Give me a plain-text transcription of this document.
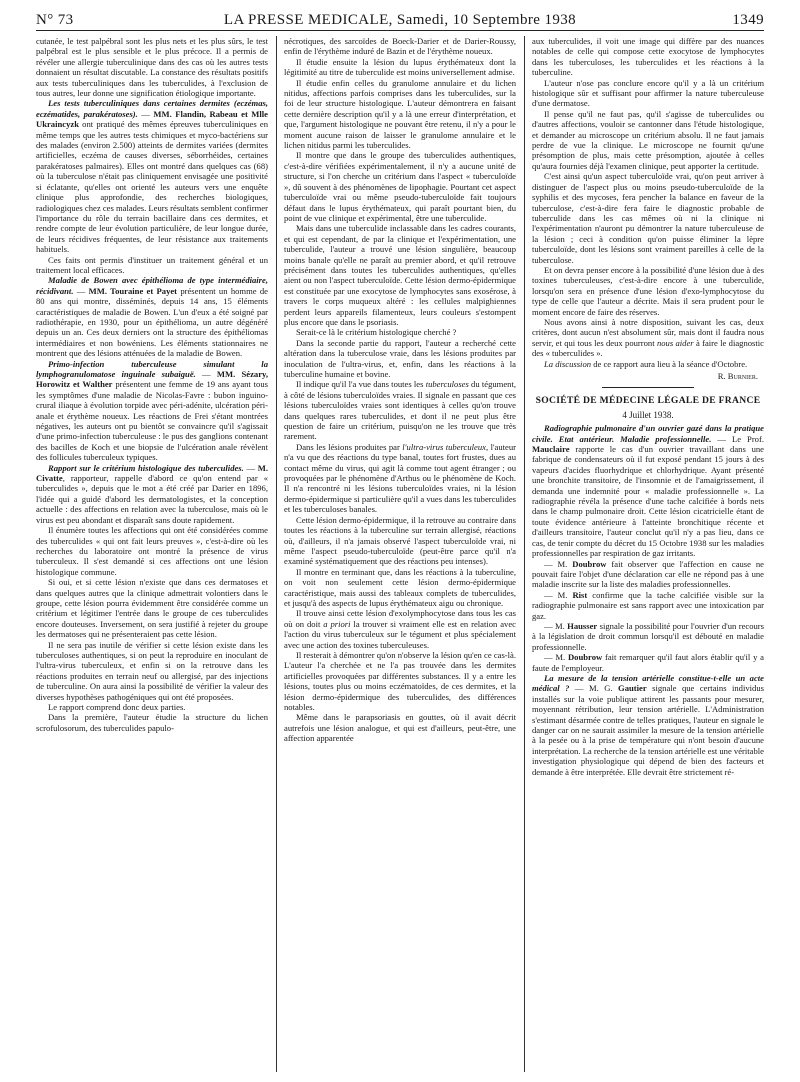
N° 73	LA PRESSE MEDICALE, Samedi, 10 Septembre 1938	1349

cutanée, le test palpébral sont les plus nets et les plus sûrs, le test palpébral est le plus sensible et le plus précoce. Il a permis de révéler une allergie tuberculinique dans des cas où les autres tests donnaient un résultat discutable. La constance des résultats positifs aux tests tuberculiniques dans les tuberculides, à l'exclusion de tous autres, leur donne une signification étiologique importante.

Les tests tuberculiniques dans certaines dermites (eczémas, eczématides, parakératoses). — MM. Flandin, Rabeau et Mlle Ukraincyzk ont pratiqué des mêmes épreuves tuberculiniques en même temps que les autres tests chimiques et myco-bactériens sur des malades (environ 2.500) atteints de dermites variées (dermites artificielles, eczéma de causes diverses, séborrhéides, certaines parakératoses palmaires). Elles ont montré dans quelques cas (68) où la tuberculose n'était pas cliniquement envisagée une positivité si éclatante, qu'elles ont orienté les auteurs vers une enquête clinique plus approfondie, des recherches biologiques, radiologiques chez ces malades. Leurs résultats semblent confirmer l'importance du rôle du terrain bacillaire dans ces dermites, et rendre compte de leur évolution particulière, de leur longue durée, de leurs récidives fréquentes, de leur résistance aux traitements habituels.

Ces faits ont permis d'instituer un traitement général et un traitement local efficaces.

Maladie de Bowen avec épithélioma de type intermédiaire, récidivant. — MM. Touraine et Payet présentent un homme de 80 ans qui montre, disséminés, depuis 14 ans, 15 éléments caractéristiques de maladie de Bowen. L'un d'eux a été soigné par radiothérapie, en 1930, pour un épithélioma, un autre dégénéré depuis un an. Ces deux derniers ont la structure des épithéliomas intermédiaires et non bowéniens. Les éléments stationnaires ne montrent que des lésions atténuées de la maladie de Bowen.

Primo-infection tuberculeuse simulant la lymphogranulomatose inguinale subaiguë. — MM. Sézary, Horowitz et Walther présentent une femme de 19 ans ayant tous les symptômes d'une maladie de Nicolas-Favre : bubon inguino-crural iliaque à évolution torpide avec péri-adénite, ulcération péri-anale et érythème noueux. Les réactions de Frei s'étant montrées négatives, les auteurs ont pu bientôt se convaincre qu'il s'agissait d'une primo-infection tuberculeuse : le pus des ganglions contenant des bacilles de Koch et une biopsie de l'ulcération anale révèlent des follicules tuberculeux typiques.

Rapport sur le critérium histologique des tuberculides. — M. Civatte, rapporteur, rappelle d'abord ce qu'on entend par « tuberculides », depuis que le mot a été créé par Darier en 1896, l'idée qui a guidé d'abord les dermatologistes, et la conception actuelle : des affections en relation avec la tuberculose, mais où le virus est peu abondant et disparaît sans doute rapidement.

Il énumère toutes les affections qui ont été considérées comme des tuberculides « qui ont fait leurs preuves », c'est-à-dire où les recherches du laboratoire ont montré la présence de virus tuberculeux. Il s'est demandé si ces affections ont une lésion histologique commune.

Si oui, et si cette lésion n'existe que dans ces dermatoses et dans quelques autres que la clinique admettrait volontiers dans le groupe, cette lésion pourra évidemment être considérée comme un critérium et légitimer l'entrée dans le groupe de ces tuberculides encore douteuses. Inversement, on sera justifié à rejeter du groupe les dermatoses qui ne présenteraient pas cette lésion.

Il ne sera pas inutile de vérifier si cette lésion existe dans les tuberculoses authentiques, si on peut la reproduire en inoculant de l'ultra-virus tuberculeux, et enfin si on la retrouve dans les réactions produites en terrain neuf ou allergisé, par des injections de tuberculine. On aura ainsi la possibilité de vérifier la valeur des diverses hypothèses pathogéniques qui ont été proposées.

Le rapport comprend donc deux parties.

Dans la première, l'auteur étudie la structure du lichen scrofulosorum, des tuberculides papulo-

nécrotiques, des sarcoïdes de Boeck-Darier et de Darier-Roussy, enfin de l'érythème induré de Bazin et de l'érythème noueux.

Il étudie ensuite la lésion du lupus érythémateux dont la légitimité au titre de tuberculide est moins universellement admise.

Il étudie enfin celles du granulome annulaire et du lichen nitidus, affections parfois comprises dans les tuberculides, sur la foi de leur structure histologique. L'auteur démontrera en faisant cette dernière description qu'il y a là une erreur d'interprétation, et que, l'argument histologique ne pouvant être retenu, il n'y a pour le moment aucune raison de laisser le granulome annulaire et le lichen nitidus parmi les tuberculides.

Il montre que dans le groupe des tuberculides authentiques, c'est-à-dire vérifiées expérimentalement, il n'y a aucune unité de structure, si l'on cherche un critérium dans l'aspect « tuberculoïde », dû souvent à des phénomènes de lipophagie. Pourtant cet aspect tuberculoïde vrai ou même pseudo-tuberculoïde fait toujours défaut dans le lupus érythémateux, qui paraît pourtant bien, du point de vue clinique et expérimental, être une tuberculide.

Mais dans une tuberculide inclassable dans les cadres courants, et qui est cependant, de par la clinique et l'expérimentation, une tuberculide, l'auteur a trouvé une lésion singulière, beaucoup moins banale qu'elle ne paraît au premier abord, et qu'il retrouve précisément dans toutes les tuberculides authentiques, qu'elles aient ou non l'aspect tuberculoïde. Cette lésion dermo-épidermique est constituée par une exocytose de lymphocytes sans exosérose, à travers le corps muqueux altéré : les cellules malpighiennes perdent leurs appareils filamenteux, leurs couleurs s'estompent plus encore que dans le psoriasis.

Serait-ce là le critérium histologique cherché ?

Dans la seconde partie du rapport, l'auteur a recherché cette altération dans la tuberculose vraie, dans les lésions produites par inoculation de l'ultra-virus, et, enfin, dans les réactions à la tuberculine humaine et bovine.

Il indique qu'il l'a vue dans toutes les tuberculoses du tégument, à côté de lésions tuberculoïdes vraies. Il signale en passant que ces lésions tuberculoïdes vraies sont identiques à celles qu'on trouve dans quelques rares tuberculides, et dont il ne peut plus être question de faire un critérium, puisqu'on ne les trouve que très rarement.

Dans les lésions produites par l'ultra-virus tuberculeux, l'auteur n'a vu que des réactions du type banal, toutes fort frustes, dues au contact même du virus, qui agit là comme tout agent étranger ; ou provoquées par le phénomène d'Arthus ou le phénomène de Koch. Il n'a rencontré ni les lésions tuberculoïdes vraies, ni la lésion dermo-épidermique si particulière qu'il a vues dans les tuberculides et les tuberculoses banales.

Cette lésion dermo-épidermique, il la retrouve au contraire dans toutes les réactions à la tuberculine sur terrain allergisé, réactions où, d'ailleurs, il n'a jamais observé l'aspect tuberculoïde vrai, ni même l'aspect pseudo-tuberculoïde (peut-être parce qu'il n'a examiné systématiquement que des réactions peu intenses).

Il montre en terminant que, dans les réactions à la tuberculine, on voit non seulement cette lésion dermo-épidermique caractéristique, mais aussi des tableaux complets de tuberculides, et jusqu'à des aspects de lupus érythémateux aigu ou chronique.

Il trouve ainsi cette lésion d'exolymphocytose dans tous les cas où on doit a priori la trouver si vraiment elle est en relation avec l'action du virus tuberculeux sur le tégument et plus spécialement avec une action des toxines tuberculeuses.

Il resterait à démontrer qu'on n'observe la lésion qu'en ce cas-là. L'auteur l'a cherchée et ne l'a pas trouvée dans les dermites artificielles provoquées par différentes substances. Il y a entre les lésions, toutes plus ou moins eczématoïdes, de ces dermites, et la lésion dermo-épidermique des tuberculides, des différences notables.

Même dans le parapsoriasis en gouttes, où il avait décrit autrefois une lésion analogue, et qui est d'ailleurs, peut-être, une affection apparentée

aux tuberculides, il voit une image qui diffère par des nuances notables de celle qui compose cette exocytose de lymphocytes dans les tuberculoses, les tuberculides et les réactions à la tuberculine.

L'auteur n'ose pas conclure encore qu'il y a là un critérium histologique sûr et suffisant pour affirmer la nature tuberculeuse d'une dermatose.

Il pense qu'il ne faut pas, qu'il s'agisse de tuberculides ou d'autres affections, vouloir se cantonner dans l'étude histologique, et demander au microscope un critérium absolu. Il ne faut jamais perdre de vue la clinique. Le microscope ne fournit qu'une présomption de plus, mais cette présomption, ajoutée à celles qu'aura fournies déjà l'examen clinique, peut apporter la certitude.

C'est ainsi qu'un aspect tuberculoïde vrai, qu'on peut arriver à distinguer de l'aspect plus ou moins pseudo-tuberculoïde de la syphilis et des mycoses, fera pencher la balance en faveur de la tuberculose, c'est-à-dire fera faire le diagnostic probable de tuberculide dans les cas mêmes où ni la clinique ni l'expérimentation n'auront pu démontrer la nature tuberculeuse de la lésion ; ceci à condition qu'on puisse éliminer la lèpre tuberculoïde, dont les lésions sont vraiment pareilles à celle de la tuberculose.

Et on devra penser encore à la possibilité d'une lésion due à des toxines tuberculeuses, c'est-à-dire encore à une tuberculide, lorsqu'on sera en présence d'une lésion d'exo-lymphocytose du type de celle que l'auteur a décrite. Mais il sera prudent pour le moment encore de faire des réserves.

Nous avons ainsi à notre disposition, suivant les cas, deux critères, dont aucun n'est absolument sûr, mais dont il faudra nous servir, et qui tous les deux pourront nous aider à faire le diagnostic des « tuberculides ».

La discussion de ce rapport aura lieu à la séance d'Octobre.

R. Burnier.
SOCIÉTÉ DE MÉDECINE LÉGALE DE FRANCE
4 Juillet 1938.

Radiographie pulmonaire d'un ouvrier gazé dans la pratique civile. Etat antérieur. Maladie professionnelle. — Le Prof. Mauclaire rapporte le cas d'un ouvrier travaillant dans une fabrique de condensateurs où il fut exposé pendant 15 jours à des vapeurs d'acides fluorhydrique et chlorhydrique. Ayant présenté une bronchite transitoire, de l'insomnie et de l'amaigrissement, il demanda une indemnité pour « maladie professionnelle ». La radiographie révéla la présence d'une tache calcifiée à bords nets dans le champ pulmonaire droit. Cette lésion cicatricielle étant de toute évidence antérieure à l'atteinte bronchitique récente et d'ailleurs transitoire, l'auteur conclut qu'il n'y a pas lieu, dans ce cas, de tenir compte du décret du 15 Octobre 1938 sur les maladies professionnelles par respiration de gaz irritants.

— M. Doubrow fait observer que l'affection en cause ne pouvait faire l'objet d'une déclaration car elle ne répond pas à une maladie inscrite sur la liste des maladies professionnelles.

— M. Rist confirme que la tache calcifiée visible sur la radiographie pulmonaire est sans rapport avec une intoxication par gaz.

— M. Hausser signale la possibilité pour l'ouvrier d'un recours à la législation de droit commun lorsqu'il est débouté en maladie professionnelle.

— M. Doubrow fait remarquer qu'il faut alors établir qu'il y a faute de l'employeur.

La mesure de la tension artérielle constitue-t-elle un acte médical ? — M. G. Gautier signale que certains individus installés sur la voie publique attirent les passants pour mesurer, moyennant rétribution, leur tension artérielle. L'Administration s'estimant désarmée contre de telles pratiques, l'auteur en signale le danger car on ne saurait assimiler la mesure de la tension artérielle à la pesée ou à la prise de température qui n'ont besoin d'aucune interprétation. La recherche de la tension artérielle est une véritable investigation physiologique qui dépend de bien des facteurs et demande à être interprétée. Elle devrait être strictement ré-
